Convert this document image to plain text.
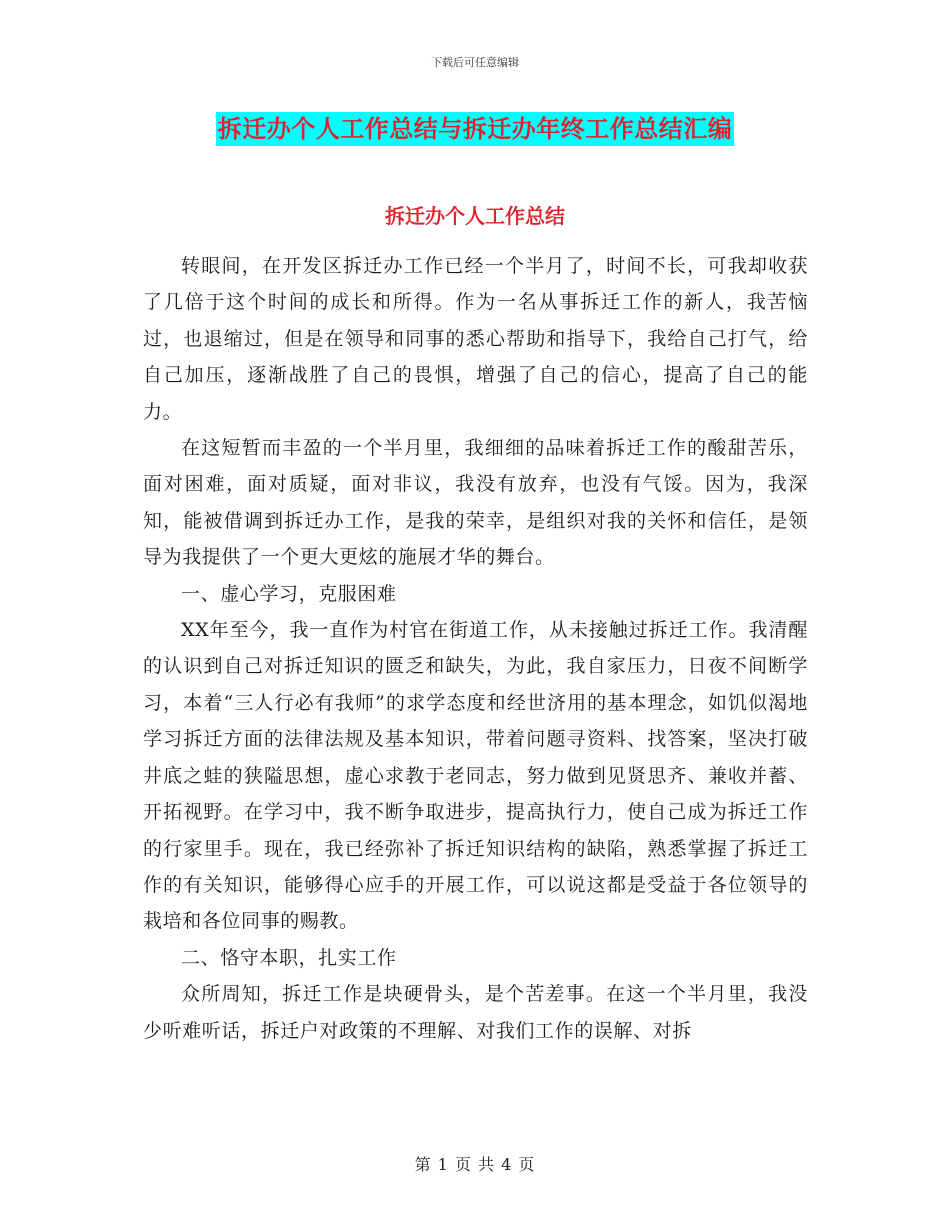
下载后可任意编辑
拆迁办个人工作总结与拆迁办年终工作总结汇编
拆迁办个人工作总结

转眼间，在开发区拆迁办工作已经一个半月了，时间不长，可我却收获了几倍于这个时间的成长和所得。作为一名从事拆迁工作的新人，我苦恼过，也退缩过，但是在领导和同事的悉心帮助和指导下，我给自己打气，给自己加压，逐渐战胜了自己的畏惧，增强了自己的信心，提高了自己的能力。

在这短暂而丰盈的一个半月里，我细细的品味着拆迁工作的酸甜苦乐，面对困难，面对质疑，面对非议，我没有放弃，也没有气馁。因为，我深知，能被借调到拆迁办工作，是我的荣幸，是组织对我的关怀和信任，是领导为我提供了一个更大更炫的施展才华的舞台。

一、虚心学习，克服困难

XX年至今，我一直作为村官在街道工作，从未接触过拆迁工作。我清醒的认识到自己对拆迁知识的匮乏和缺失，为此，我自家压力，日夜不间断学习，本着“三人行必有我师”的求学态度和经世济用的基本理念，如饥似渴地学习拆迁方面的法律法规及基本知识，带着问题寻资料、找答案，坚决打破井底之蛙的狭隘思想，虚心求教于老同志，努力做到见贤思齐、兼收并蓄、开拓视野。在学习中，我不断争取进步，提高执行力，使自己成为拆迁工作的行家里手。现在，我已经弥补了拆迁知识结构的缺陷，熟悉掌握了拆迁工作的有关知识，能够得心应手的开展工作，可以说这都是受益于各位领导的栽培和各位同事的赐教。

二、恪守本职，扎实工作

众所周知，拆迁工作是块硬骨头，是个苦差事。在这一个半月里，我没少听难听话，拆迁户对政策的不理解、对我们工作的误解、对拆

第 1 页 共 4 页
